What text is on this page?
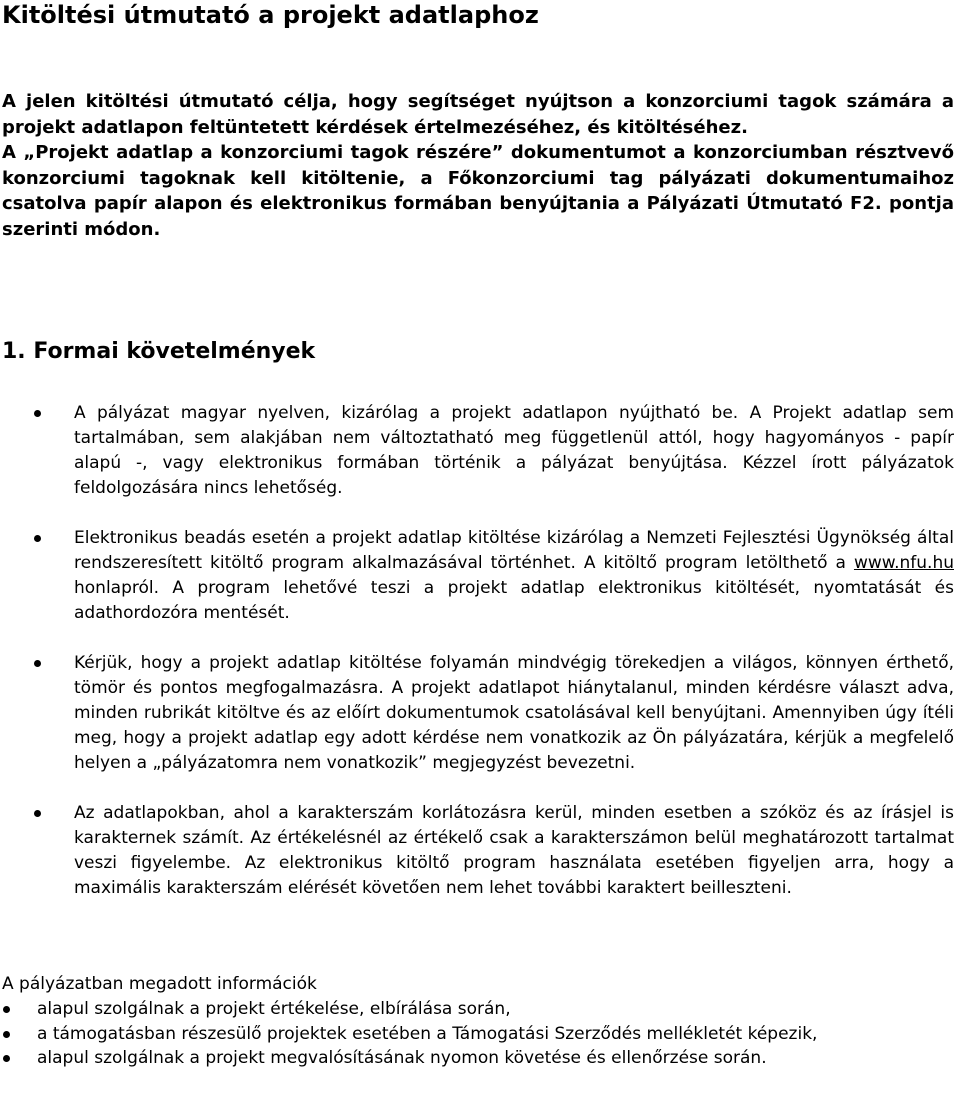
Kitöltési útmutató a projekt adatlaphoz

A jelen kitöltési útmutató célja, hogy segítséget nyújtson a konzorciumi tagok számára a projekt adatlapon feltüntetett kérdések értelmezéséhez, és kitöltéséhez.

A „Projekt adatlap a konzorciumi tagok részére” dokumentumot a konzorciumban résztvevő konzorciumi tagoknak kell kitöltenie, a Főkonzorciumi tag pályázati dokumentumaihoz csatolva papír alapon és elektronikus formában benyújtania a Pályázati Útmutató F2. pontja szerinti módon.

1. Formai követelmények
A pályázat magyar nyelven, kizárólag a projekt adatlapon nyújtható be. A Projekt adatlap sem tartalmában, sem alakjában nem változtatható meg függetlenül attól, hogy hagyományos - papír alapú -, vagy elektronikus formában történik a pályázat benyújtása. Kézzel írott pályázatok feldolgozására nincs lehetőség.
Elektronikus beadás esetén a projekt adatlap kitöltése kizárólag a Nemzeti Fejlesztési Ügynökség által rendszeresített kitöltő program alkalmazásával történhet. A kitöltő program letölthető a www.nfu.hu honlapról. A program lehetővé teszi a projekt adatlap elektronikus kitöltését, nyomtatását és adathordozóra mentését.
Kérjük, hogy a projekt adatlap kitöltése folyamán mindvégig törekedjen a világos, könnyen érthető, tömör és pontos megfogalmazásra. A projekt adatlapot hiánytalanul, minden kérdésre választ adva, minden rubrikát kitöltve és az előírt dokumentumok csatolásával kell benyújtani. Amennyiben úgy ítéli meg, hogy a projekt adatlap egy adott kérdése nem vonatkozik az Ön pályázatára, kérjük a megfelelő helyen a „pályázatomra nem vonatkozik” megjegyzést bevezetni.
Az adatlapokban, ahol a karakterszám korlátozásra kerül, minden esetben a szóköz és az írásjel is karakternek számít. Az értékelésnél az értékelő csak a karakterszámon belül meghatározott tartalmat veszi figyelembe. Az elektronikus kitöltő program használata esetében figyeljen arra, hogy a maximális karakterszám elérését követően nem lehet további karaktert beilleszteni.

A pályázatban megadott információk

alapul szolgálnak a projekt értékelése, elbírálása során,
a támogatásban részesülő projektek esetében a Támogatási Szerződés mellékletét képezik,
alapul szolgálnak a projekt megvalósításának nyomon követése és ellenőrzése során.
